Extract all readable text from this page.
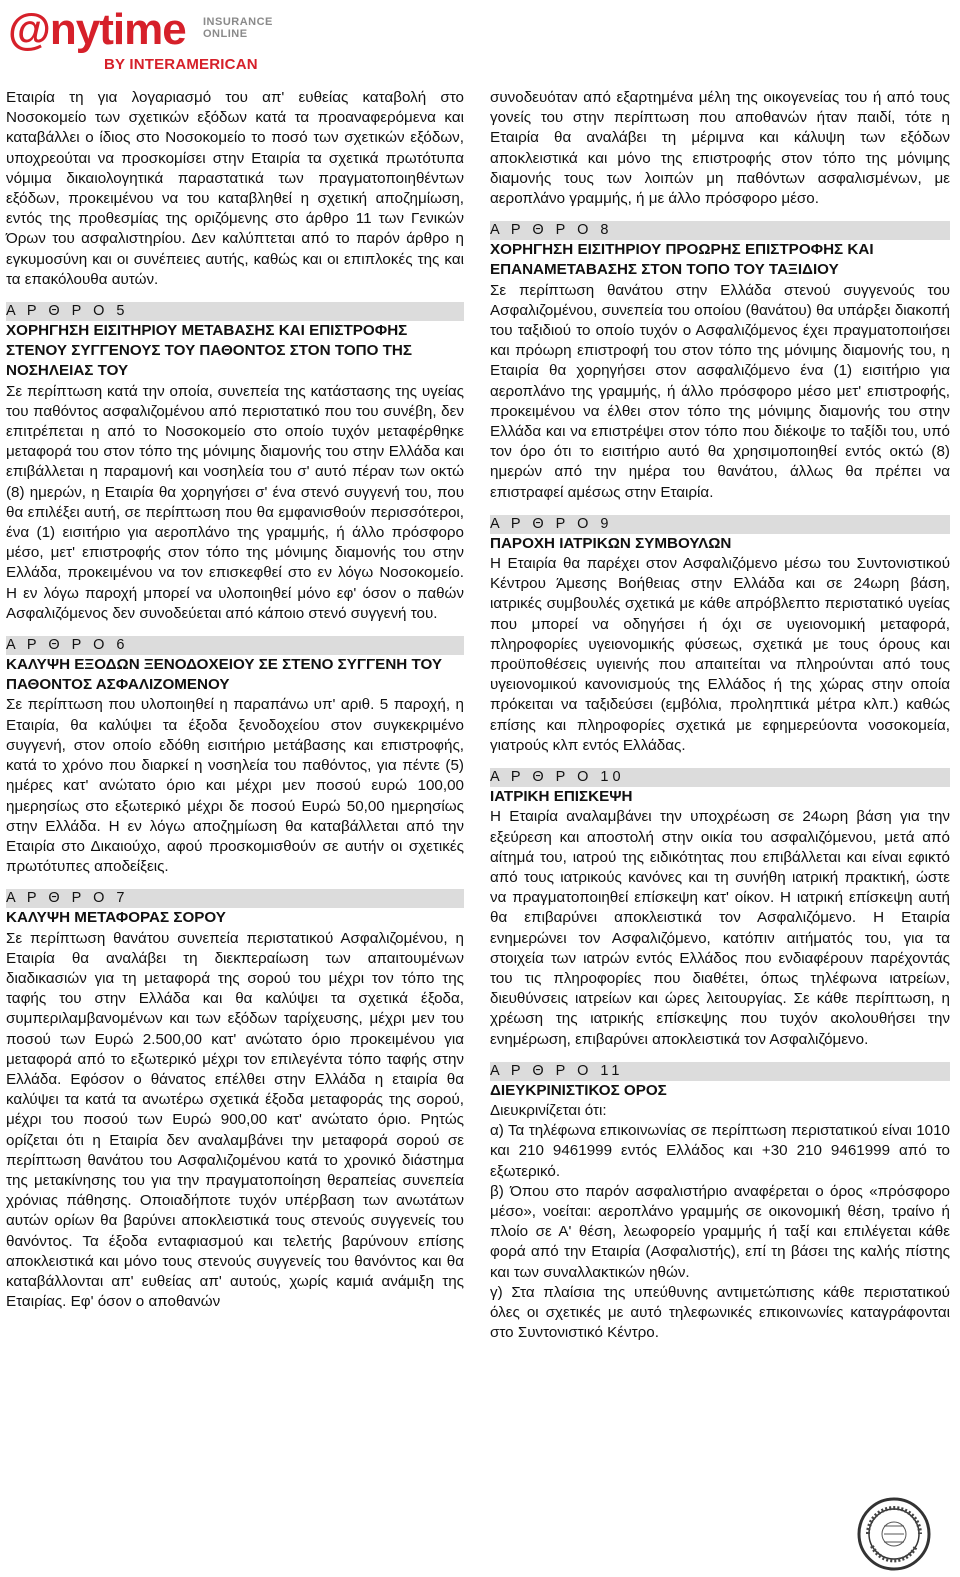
@nytime INSURANCE
ONLINE
BY INTERAMERICAN

Εταιρία τη για λογαριασμό του απ' ευθείας καταβολή στο Νοσοκομείο των σχετικών εξόδων κατά τα προαναφερόμενα και καταβάλλει ο ίδιος στο Νοσοκομείο το ποσό των σχετικών εξόδων, υποχρεούται να προσκομίσει στην Εταιρία τα σχετικά πρωτότυπα νόμιμα δικαιολογητικά παραστατικά των πραγματοποιηθέντων εξόδων, προκειμένου να του καταβληθεί η σχετική αποζημίωση, εντός της προθεσμίας της οριζόμενης στο άρθρο 11 των Γενικών Όρων του ασφαλιστηρίου. Δεν καλύπτεται από το παρόν άρθρο η εγκυμοσύνη και οι συνέπειες αυτής, καθώς και οι επιπλοκές της και τα επακόλουθα αυτών.

Α Ρ Θ Ρ Ο 5
ΧΟΡΗΓΗΣΗ ΕΙΣΙΤΗΡΙΟΥ ΜΕΤΑΒΑΣΗΣ ΚΑΙ ΕΠΙΣΤΡΟΦΗΣ ΣΤΕΝΟΥ ΣΥΓΓΕΝΟΥΣ ΤΟΥ ΠΑΘΟΝΤΟΣ ΣΤΟΝ ΤΟΠΟ ΤΗΣ ΝΟΣΗΛΕΙΑΣ ΤΟΥ

Σε περίπτωση κατά την οποία, συνεπεία της κατάστασης της υγείας του παθόντος ασφαλιζομένου από περιστατικό που του συνέβη, δεν επιτρέπεται η από το Νοσοκομείο στο οποίο τυχόν μεταφέρθηκε μεταφορά του στον τόπο της μόνιμης διαμονής του στην Ελλάδα και επιβάλλεται η παραμονή και νοσηλεία του σ' αυτό πέραν των οκτώ (8) ημερών, η Εταιρία θα χορηγήσει σ' ένα στενό συγγενή του, που θα επιλέξει αυτή, σε περίπτωση που θα εμφανισθούν περισσότεροι, ένα (1) εισιτήριο για αεροπλάνο της γραμμής, ή άλλο πρόσφορο μέσο, μετ' επιστροφής στον τόπο της μόνιμης διαμονής του στην Ελλάδα, προκειμένου να τον επισκεφθεί στο εν λόγω Νοσοκομείο. Η εν λόγω παροχή μπορεί να υλοποιηθεί μόνο εφ' όσον ο παθών Ασφαλιζόμενος δεν συνοδεύεται από κάποιο στενό συγγενή του.

Α Ρ Θ Ρ Ο 6
ΚΑΛΥΨΗ ΕΞΟΔΩΝ ΞΕΝΟΔΟΧΕΙΟΥ ΣΕ ΣΤΕΝΟ ΣΥΓΓΕΝΗ ΤΟΥ ΠΑΘΟΝΤΟΣ ΑΣΦΑΛΙΖΟΜΕΝΟΥ

Σε περίπτωση που υλοποιηθεί η παραπάνω υπ' αριθ. 5 παροχή, η Εταιρία, θα καλύψει τα έξοδα ξενοδοχείου στον συγκεκριμένο συγγενή, στον οποίο εδόθη εισιτήριο μετάβασης και επιστροφής, κατά το χρόνο που διαρκεί η νοσηλεία του παθόντος, για πέντε (5) ημέρες κατ' ανώτατο όριο και μέχρι μεν ποσού ευρώ 100,00 ημερησίως στο εξωτερικό μέχρι δε ποσού Ευρώ 50,00 ημερησίως στην Ελλάδα. Η εν λόγω αποζημίωση θα καταβάλλεται από την Εταιρία στο Δικαιούχο, αφού προσκομισθούν σε αυτήν οι σχετικές πρωτότυπες αποδείξεις.

Α Ρ Θ Ρ Ο 7
ΚΑΛΥΨΗ ΜΕΤΑΦΟΡΑΣ ΣΟΡΟΥ

Σε περίπτωση θανάτου συνεπεία περιστατικού Ασφαλιζομένου, η Εταιρία θα αναλάβει τη διεκπεραίωση των απαιτουμένων διαδικασιών για τη μεταφορά της σορού του μέχρι τον τόπο της ταφής του στην Ελλάδα και θα καλύψει τα σχετικά έξοδα, συμπεριλαμβανομένων και των εξόδων ταρίχευσης, μέχρι μεν του ποσού των Ευρώ 2.500,00 κατ' ανώτατο όριο προκειμένου για μεταφορά από το εξωτερικό μέχρι τον επιλεγέντα τόπο ταφής στην Ελλάδα. Εφόσον ο θάνατος επέλθει στην Ελλάδα η εταιρία θα καλύψει τα κατά τα ανωτέρω σχετικά έξοδα μεταφοράς της σορού, μέχρι του ποσού των Ευρώ 900,00 κατ' ανώτατο όριο. Ρητώς ορίζεται ότι η Εταιρία δεν αναλαμβάνει την μεταφορά σορού σε περίπτωση θανάτου του Ασφαλιζομένου κατά το χρονικό διάστημα της μετακίνησης του για την πραγματοποίηση θεραπείας συνεπεία χρόνιας πάθησης. Οποιαδήποτε τυχόν υπέρβαση των ανωτάτων αυτών ορίων θα βαρύνει αποκλειστικά τους στενούς συγγενείς του θανόντος. Τα έξοδα ενταφιασμού και τελετής βαρύνουν επίσης αποκλειστικά και μόνο τους στενούς συγγενείς του θανόντος και θα καταβάλλονται απ' ευθείας απ' αυτούς, χωρίς καμιά ανάμιξη της Εταιρίας. Εφ' όσον ο αποθανών

συνοδευόταν από εξαρτημένα μέλη της οικογενείας του ή από τους γονείς του στην περίπτωση που αποθανών ήταν παιδί, τότε η Εταιρία θα αναλάβει τη μέριμνα και κάλυψη των εξόδων αποκλειστικά και μόνο της επιστροφής στον τόπο της μόνιμης διαμονής τους των λοιπών μη παθόντων ασφαλισμένων, με αεροπλάνο γραμμής, ή με άλλο πρόσφορο μέσο.

Α Ρ Θ Ρ Ο 8
ΧΟΡΗΓΗΣΗ ΕΙΣΙΤΗΡΙΟΥ ΠΡΟΩΡΗΣ ΕΠΙΣΤΡΟΦΗΣ ΚΑΙ ΕΠΑΝΑΜΕΤΑΒΑΣΗΣ ΣΤΟΝ ΤΟΠΟ ΤΟΥ ΤΑΞΙΔΙΟΥ

Σε περίπτωση θανάτου στην Ελλάδα στενού συγγενούς του Ασφαλιζομένου, συνεπεία του οποίου (θανάτου) θα υπάρξει διακοπή του ταξιδιού το οποίο τυχόν ο Ασφαλιζόμενος έχει πραγματοποιήσει και πρόωρη επιστροφή του στον τόπο της μόνιμης διαμονής του, η Εταιρία θα χορηγήσει στον ασφαλιζόμενο ένα (1) εισιτήριο για αεροπλάνο της γραμμής, ή άλλο πρόσφορο μέσο μετ' επιστροφής, προκειμένου να έλθει στον τόπο της μόνιμης διαμονής του στην Ελλάδα και να επιστρέψει στον τόπο που διέκοψε το ταξίδι του, υπό τον όρο ότι το εισιτήριο αυτό θα χρησιμοποιηθεί εντός οκτώ (8) ημερών από την ημέρα του θανάτου, άλλως θα πρέπει να επιστραφεί αμέσως στην Εταιρία.

Α Ρ Θ Ρ Ο 9
ΠΑΡΟΧΗ ΙΑΤΡΙΚΩΝ ΣΥΜΒΟΥΛΩΝ

Η Εταιρία θα παρέχει στον Ασφαλιζόμενο μέσω του Συντονιστικού Κέντρου Άμεσης Βοήθειας στην Ελλάδα και σε 24ωρη βάση, ιατρικές συμβουλές σχετικά με κάθε απρόβλεπτο περιστατικό υγείας που μπορεί να οδηγήσει ή όχι σε υγειονομική μεταφορά, πληροφορίες υγειονομικής φύσεως, σχετικά με τους όρους και προϋποθέσεις υγιεινής που απαιτείται να πληρούνται από τους υγειονομικού κανονισμούς της Ελλάδος ή της χώρας στην οποία πρόκειται να ταξιδεύσει (εμβόλια, προληπτικά μέτρα κλπ.) καθώς επίσης και πληροφορίες σχετικά με εφημερεύοντα νοσοκομεία, γιατρούς κλπ εντός Ελλάδας.

Α Ρ Θ Ρ Ο 10
ΙΑΤΡΙΚΗ ΕΠΙΣΚΕΨΗ

Η Εταιρία αναλαμβάνει την υποχρέωση σε 24ωρη βάση για την εξεύρεση και αποστολή στην οικία του ασφαλιζόμενου, μετά από αίτημά του, ιατρού της ειδικότητας που επιβάλλεται και είναι εφικτό από τους ιατρικούς κανόνες και τη συνήθη ιατρική πρακτική, ώστε να πραγματοποιηθεί επίσκεψη κατ' οίκον. Η ιατρική επίσκεψη αυτή θα επιβαρύνει αποκλειστικά τον Ασφαλιζόμενο. Η Εταιρία ενημερώνει τον Ασφαλιζόμενο, κατόπιν αιτήματός του, για τα στοιχεία των ιατρών εντός Ελλάδος που ενδιαφέρουν παρέχοντάς του τις πληροφορίες που διαθέτει, όπως τηλέφωνα ιατρείων, διευθύνσεις ιατρείων και ώρες λειτουργίας. Σε κάθε περίπτωση, η χρέωση της ιατρικής επίσκεψης που τυχόν ακολουθήσει την ενημέρωση, επιβαρύνει αποκλειστικά τον Ασφαλιζόμενο.

Α Ρ Θ Ρ Ο 11
ΔΙΕΥΚΡΙΝΙΣΤΙΚΟΣ ΟΡΟΣ

Διευκρινίζεται ότι:

α) Τα τηλέφωνα επικοινωνίας σε περίπτωση περιστατικού είναι 1010 και 210 9461999 εντός Ελλάδος και +30 210 9461999 από το εξωτερικό.

β) Όπου στο παρόν ασφαλιστήριο αναφέρεται ο όρος «πρόσφορο μέσο», νοείται: αεροπλάνο γραμμής σε οικονομική θέση, τραίνο ή πλοίο σε Α' θέση, λεωφορείο γραμμής ή ταξί και επιλέγεται κάθε φορά από την Εταιρία (Ασφαλιστής), επί τη βάσει της καλής πίστης και των συναλλακτικών ηθών.

γ) Στα πλαίσια της υπεύθυνης αντιμετώπισης κάθε περιστατικού όλες οι σχετικές με αυτό τηλεφωνικές επικοινωνίες καταγράφονται στο Συντονιστικό Κέντρο.
